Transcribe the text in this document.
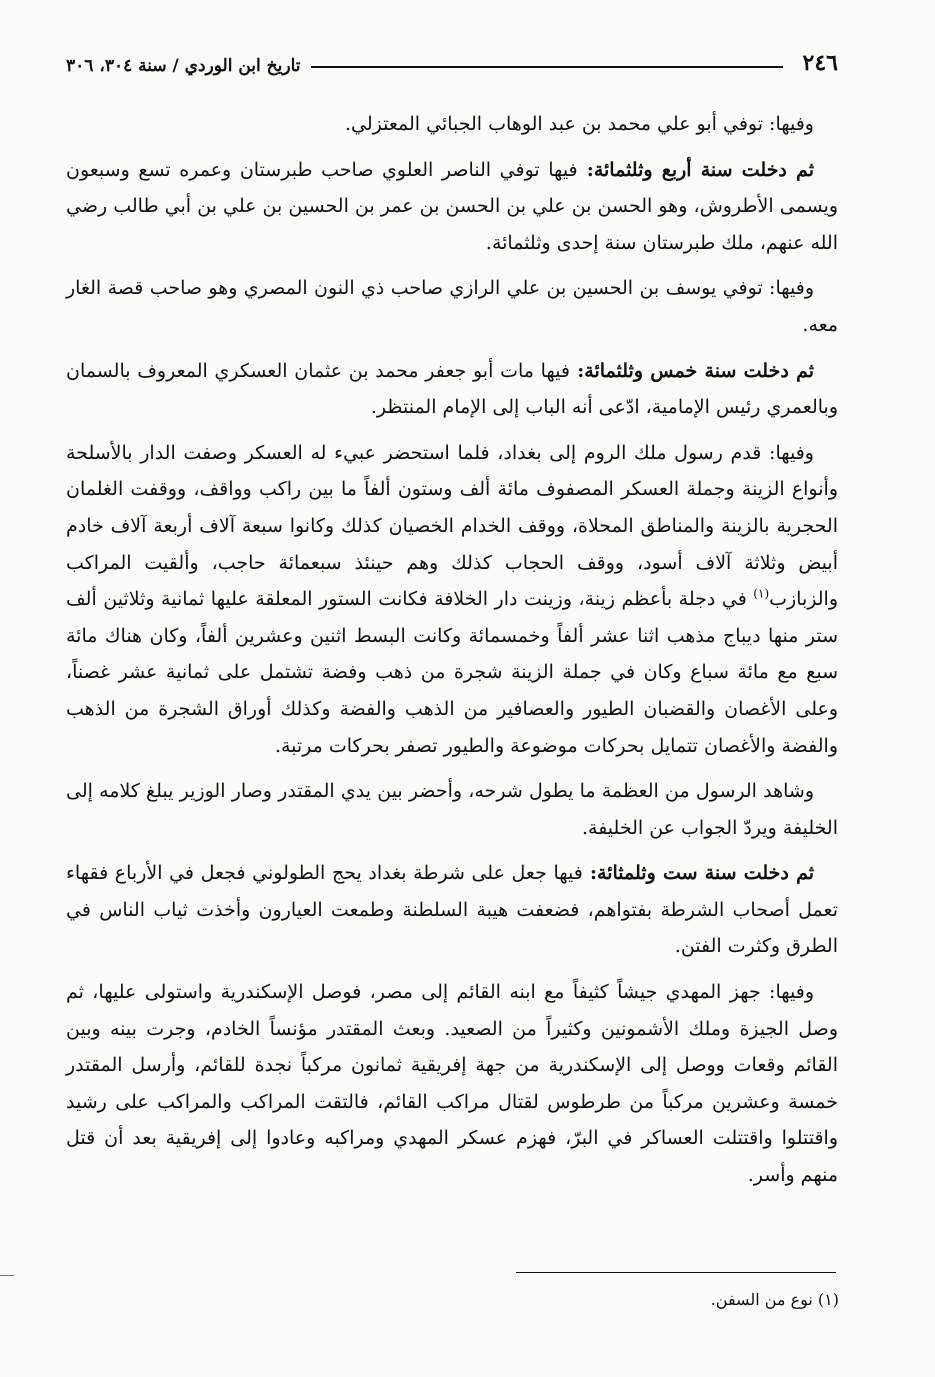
٢٤٦
تاريخ ابن الوردي / سنة ٣٠٤، ٣٠٦

وفيها: توفي أبو علي محمد بن عبد الوهاب الجبائي المعتزلي.

ثم دخلت سنة أربع وثلثمائة: فيها توفي الناصر العلوي صاحب طبرستان وعمره تسع وسبعون ويسمى الأطروش، وهو الحسن بن علي بن الحسن بن عمر بن الحسين بن علي بن أبي طالب رضي الله عنهم، ملك طبرستان سنة إحدى وثلثمائة.

وفيها: توفي يوسف بن الحسين بن علي الرازي صاحب ذي النون المصري وهو صاحب قصة الغار معه.

ثم دخلت سنة خمس وثلثمائة: فيها مات أبو جعفر محمد بن عثمان العسكري المعروف بالسمان وبالعمري رئيس الإمامية، ادّعى أنه الباب إلى الإمام المنتظر.

وفيها: قدم رسول ملك الروم إلى بغداد، فلما استحضر عبيء له العسكر وصفت الدار بالأسلحة وأنواع الزينة وجملة العسكر المصفوف مائة ألف وستون ألفاً ما بين راكب وواقف، ووقفت الغلمان الحجرية بالزينة والمناطق المحلاة، ووقف الخدام الخصيان كذلك وكانوا سبعة آلاف أربعة آلاف خادم أبيض وثلاثة آلاف أسود، ووقف الحجاب كذلك وهم حينئذ سبعمائة حاجب، وألقيت المراكب والزبازب$^{(١)}$ في دجلة بأعظم زينة، وزينت دار الخلافة فكانت الستور المعلقة عليها ثمانية وثلاثين ألف ستر منها ديباج مذهب اثنا عشر ألفاً وخمسمائة وكانت البسط اثنين وعشرين ألفاً، وكان هناك مائة سبع مع مائة سباع وكان في جملة الزينة شجرة من ذهب وفضة تشتمل على ثمانية عشر غصناً، وعلى الأغصان والقضبان الطيور والعصافير من الذهب والفضة وكذلك أوراق الشجرة من الذهب والفضة والأغصان تتمايل بحركات موضوعة والطيور تصفر بحركات مرتبة.

وشاهد الرسول من العظمة ما يطول شرحه، وأحضر بين يدي المقتدر وصار الوزير يبلغ كلامه إلى الخليفة ويردّ الجواب عن الخليفة.

ثم دخلت سنة ست وثلمثائة: فيها جعل على شرطة بغداد يحج الطولوني فجعل في الأرباع فقهاء تعمل أصحاب الشرطة بفتواهم، فضعفت هيبة السلطنة وطمعت العيارون وأخذت ثياب الناس في الطرق وكثرت الفتن.

وفيها: جهز المهدي جيشاً كثيفاً مع ابنه القائم إلى مصر، فوصل الإسكندرية واستولى عليها، ثم وصل الجيزة وملك الأشمونين وكثيراً من الصعيد. وبعث المقتدر مؤنساً الخادم، وجرت بينه وبين القائم وقعات ووصل إلى الإسكندرية من جهة إفريقية ثمانون مركباً نجدة للقائم، وأرسل المقتدر خمسة وعشرين مركباً من طرطوس لقتال مراكب القائم، فالتقت المراكب والمراكب على رشيد واقتتلوا واقتتلت العساكر في البرّ، فهزم عسكر المهدي ومراكبه وعادوا إلى إفريقية بعد أن قتل منهم وأسر.

(١) نوع من السفن.
